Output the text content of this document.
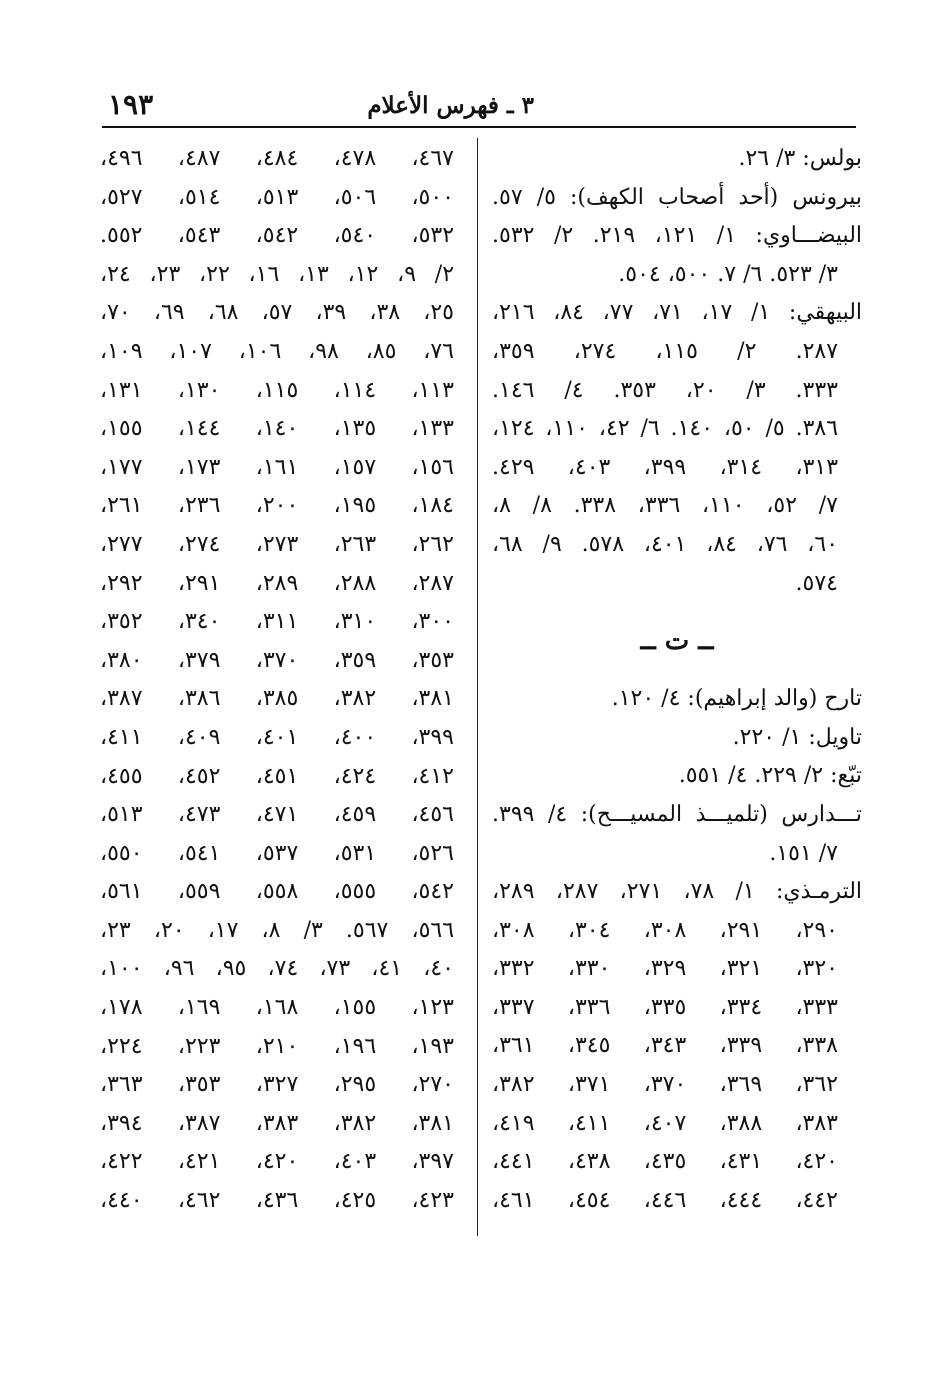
٣ ـ فهرس الأعلام
١٩٣
بولس: ٣/ ٢٦.
بيرونس (أحد أصحاب الكهف): ٥/ ٥٧.
البيضـــاوي: ١/ ١٢١، ٢١٩. ٢/ ٥٣٢.
٣/ ٥٢٣. ٦/ ٧. ٥٠٠، ٥٠٤.
البيهقي: ١/ ١٧، ٧١، ٧٧، ٨٤، ٢١٦،
٢٨٧. ٢/ ١١٥، ٢٧٤، ٣٥٩،
٣٣٣. ٣/ ٢٠، ٣٥٣. ٤/ ١٤٦.
٣٨٦. ٥/ ٥٠، ١٤٠. ٦/ ٤٢، ١١٠، ١٢٤،
٣١٣، ٣١٤، ٣٩٩، ٤٠٣، ٤٢٩.
٧/ ٥٢، ١١٠، ٣٣٦، ٣٣٨. ٨/ ٨،
٦٠، ٧٦، ٨٤، ٤٠١، ٥٧٨. ٩/ ٦٨،
٥٧٤.
ــ ت ــ
تارح (والد إبراهيم): ٤/ ١٢٠.
تاويل: ١/ ٢٢٠.
تبّع: ٢/ ٢٢٩. ٤/ ٥٥١.
تـــدارس (تلميـــذ المسيـــح): ٤/ ٣٩٩.
٧/ ١٥١.
الترمـذي: ١/ ٧٨، ٢٧١، ٢٨٧، ٢٨٩،
٢٩٠، ٢٩١، ٣٠٨، ٣٠٤، ٣٠٨،
٣٢٠، ٣٢١، ٣٢٩، ٣٣٠، ٣٣٢،
٣٣٣، ٣٣٤، ٣٣٥، ٣٣٦، ٣٣٧،
٣٣٨، ٣٣٩، ٣٤٣، ٣٤٥، ٣٦١،
٣٦٢، ٣٦٩، ٣٧٠، ٣٧١، ٣٨٢،
٣٨٣، ٣٨٨، ٤٠٧، ٤١١، ٤١٩،
٤٢٠، ٤٣١، ٤٣٥، ٤٣٨، ٤٤١،
٤٤٢، ٤٤٤، ٤٤٦، ٤٥٤، ٤٦١،
٤٦٧، ٤٧٨، ٤٨٤، ٤٨٧، ٤٩٦،
٥٠٠، ٥٠٦، ٥١٣، ٥١٤، ٥٢٧،
٥٣٢، ٥٤٠، ٥٤٢، ٥٤٣، ٥٥٢.
٢/ ٩، ١٢، ١٣، ١٦، ٢٢، ٢٣، ٢٤،
٢٥، ٣٨، ٣٩، ٥٧، ٦٨، ٦٩، ٧٠،
٧٦، ٨٥، ٩٨، ١٠٦، ١٠٧، ١٠٩،
١١٣، ١١٤، ١١٥، ١٣٠، ١٣١،
١٣٣، ١٣٥، ١٤٠، ١٤٤، ١٥٥،
١٥٦، ١٥٧، ١٦١، ١٧٣، ١٧٧،
١٨٤، ١٩٥، ٢٠٠، ٢٣٦، ٢٦١،
٢٦٢، ٢٦٣، ٢٧٣، ٢٧٤، ٢٧٧،
٢٨٧، ٢٨٨، ٢٨٩، ٢٩١، ٢٩٢،
٣٠٠، ٣١٠، ٣١١، ٣٤٠، ٣٥٢،
٣٥٣، ٣٥٩، ٣٧٠، ٣٧٩، ٣٨٠،
٣٨١، ٣٨٢، ٣٨٥، ٣٨٦، ٣٨٧،
٣٩٩، ٤٠٠، ٤٠١، ٤٠٩، ٤١١،
٤١٢، ٤٢٤، ٤٥١، ٤٥٢، ٤٥٥،
٤٥٦، ٤٥٩، ٤٧١، ٤٧٣، ٥١٣،
٥٢٦، ٥٣١، ٥٣٧، ٥٤١، ٥٥٠،
٥٤٢، ٥٥٥، ٥٥٨، ٥٥٩، ٥٦١،
٥٦٦، ٥٦٧. ٣/ ٨، ١٧، ٢٠، ٢٣،
٤٠، ٤١، ٧٣، ٧٤، ٩٥، ٩٦، ١٠٠،
١٢٣، ١٥٥، ١٦٨، ١٦٩، ١٧٨،
١٩٣، ١٩٦، ٢١٠، ٢٢٣، ٢٢٤،
٢٧٠، ٢٩٥، ٣٢٧، ٣٥٣، ٣٦٣،
٣٨١، ٣٨٢، ٣٨٣، ٣٨٧، ٣٩٤،
٣٩٧، ٤٠٣، ٤٢٠، ٤٢١، ٤٢٢،
٤٢٣، ٤٢٥، ٤٣٦، ٤٦٢، ٤٤٠،
